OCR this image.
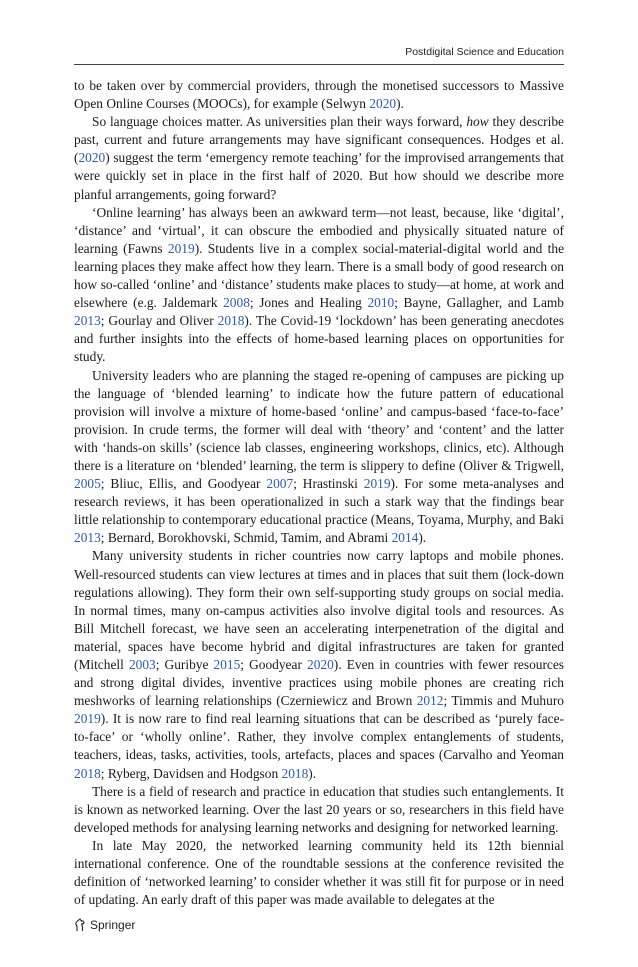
Postdigital Science and Education

to be taken over by commercial providers, through the monetised successors to Massive Open Online Courses (MOOCs), for example (Selwyn 2020).

So language choices matter. As universities plan their ways forward, how they describe past, current and future arrangements may have significant consequences. Hodges et al. (2020) suggest the term ‘emergency remote teaching’ for the improvised arrangements that were quickly set in place in the first half of 2020. But how should we describe more planful arrangements, going forward?

‘Online learning’ has always been an awkward term—not least, because, like ‘digital’, ‘distance’ and ‘virtual’, it can obscure the embodied and physically situated nature of learning (Fawns 2019). Students live in a complex social-material-digital world and the learning places they make affect how they learn. There is a small body of good research on how so-called ‘online’ and ‘distance’ students make places to study—at home, at work and elsewhere (e.g. Jaldemark 2008; Jones and Healing 2010; Bayne, Gallagher, and Lamb 2013; Gourlay and Oliver 2018). The Covid-19 ‘lockdown’ has been generating anecdotes and further insights into the effects of home-based learning places on opportunities for study.

University leaders who are planning the staged re-opening of campuses are picking up the language of ‘blended learning’ to indicate how the future pattern of educational provision will involve a mixture of home-based ‘online’ and campus-based ‘face-to-face’ provision. In crude terms, the former will deal with ‘theory’ and ‘content’ and the latter with ‘hands-on skills’ (science lab classes, engineering workshops, clinics, etc). Although there is a literature on ‘blended’ learning, the term is slippery to define (Oliver & Trigwell, 2005; Bliuc, Ellis, and Goodyear 2007; Hrastinski 2019). For some meta-analyses and research reviews, it has been operationalized in such a stark way that the findings bear little relationship to contemporary educational practice (Means, Toyama, Murphy, and Baki 2013; Bernard, Borokhovski, Schmid, Tamim, and Abrami 2014).

Many university students in richer countries now carry laptops and mobile phones. Well-resourced students can view lectures at times and in places that suit them (lock-down regulations allowing). They form their own self-supporting study groups on social media. In normal times, many on-campus activities also involve digital tools and resources. As Bill Mitchell forecast, we have seen an accelerating interpenetration of the digital and material, spaces have become hybrid and digital infrastructures are taken for granted (Mitchell 2003; Guribye 2015; Goodyear 2020). Even in countries with fewer resources and strong digital divides, inventive practices using mobile phones are creating rich meshworks of learning relationships (Czerniewicz and Brown 2012; Timmis and Muhuro 2019). It is now rare to find real learning situations that can be described as ‘purely face-to-face’ or ‘wholly online’. Rather, they involve complex entanglements of students, teachers, ideas, tasks, activities, tools, artefacts, places and spaces (Carvalho and Yeoman 2018; Ryberg, Davidsen and Hodgson 2018).

There is a field of research and practice in education that studies such entanglements. It is known as networked learning. Over the last 20 years or so, researchers in this field have developed methods for analysing learning networks and designing for networked learning.

In late May 2020, the networked learning community held its 12th biennial international conference. One of the roundtable sessions at the conference revisited the definition of ‘networked learning’ to consider whether it was still fit for purpose or in need of updating. An early draft of this paper was made available to delegates at the

Springer
